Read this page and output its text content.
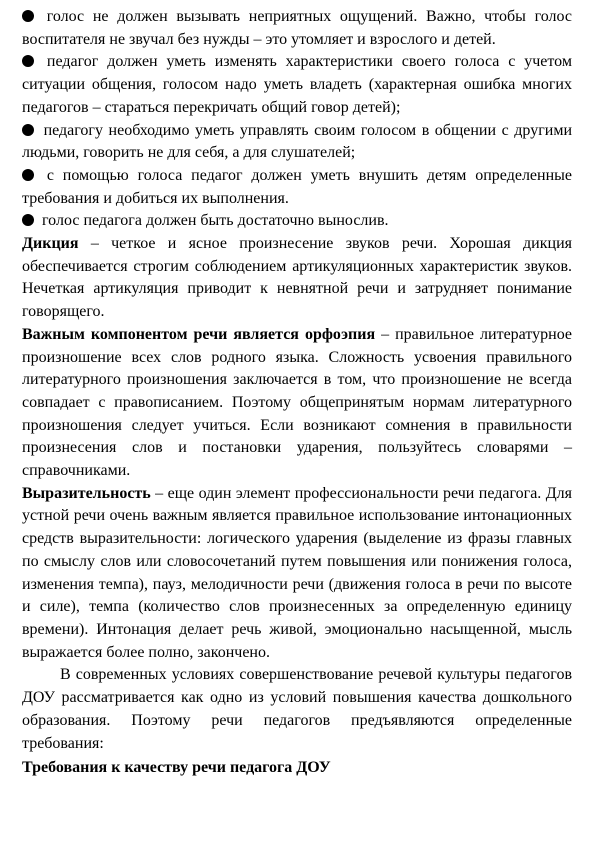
голос не должен вызывать неприятных ощущений. Важно, чтобы голос воспитателя не звучал без нужды – это утомляет и взрослого и детей.

педагог должен уметь изменять характеристики своего голоса с учетом ситуации общения, голосом надо уметь владеть (характерная ошибка многих педагогов – стараться перекричать общий говор детей);

педагогу необходимо уметь управлять своим голосом в общении с другими людьми, говорить не для себя, а для слушателей;

с помощью голоса педагог должен уметь внушить детям определенные требования и добиться их выполнения.

голос педагога должен быть достаточно вынослив.

Дикция – четкое и ясное произнесение звуков речи. Хорошая дикция обеспечивается строгим соблюдением артикуляционных характеристик звуков. Нечеткая артикуляция приводит к невнятной речи и затрудняет понимание говорящего.

Важным компонентом речи является орфоэпия – правильное литературное произношение всех слов родного языка. Сложность усвоения правильного литературного произношения заключается в том, что произношение не всегда совпадает с правописанием. Поэтому общепринятым нормам литературного произношения следует учиться. Если возникают сомнения в правильности произнесения слов и постановки ударения, пользуйтесь словарями – справочниками.

Выразительность – еще один элемент профессиональности речи педагога. Для устной речи очень важным является правильное использование интонационных средств выразительности: логического ударения (выделение из фразы главных по смыслу слов или словосочетаний путем повышения или понижения голоса, изменения темпа), пауз, мелодичности речи (движения голоса в речи по высоте и силе), темпа (количество слов произнесенных за определенную единицу времени). Интонация делает речь живой, эмоционально насыщенной, мысль выражается более полно, закончено.

В современных условиях совершенствование речевой культуры педагогов ДОУ рассматривается как одно из условий повышения качества дошкольного образования. Поэтому речи педагогов предъявляются определенные требования:

Требования к качеству речи педагога ДОУ
